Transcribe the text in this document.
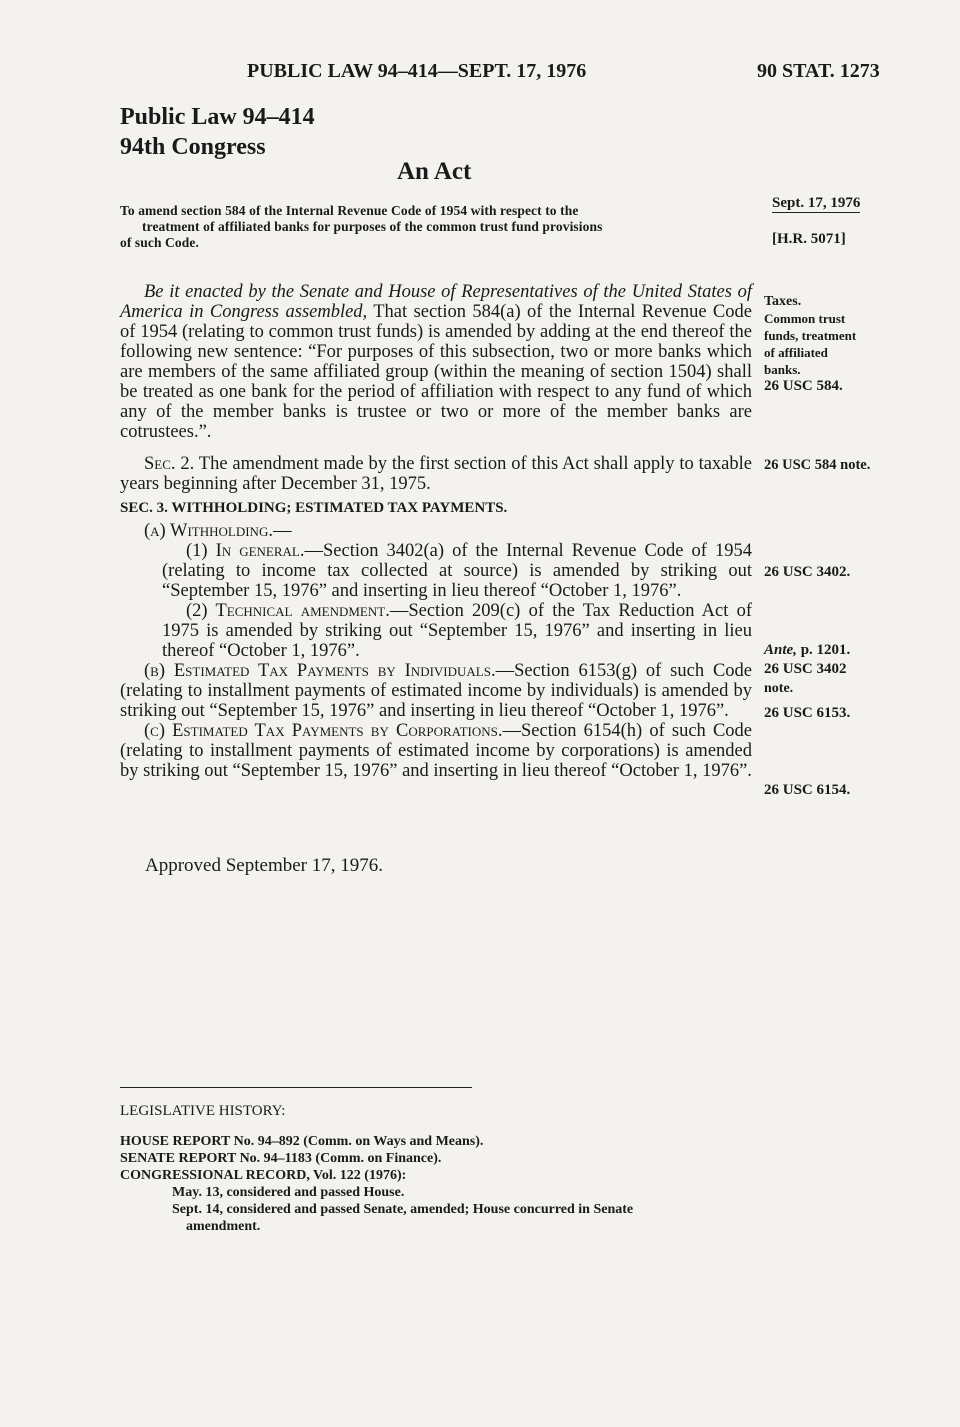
PUBLIC LAW 94–414—SEPT. 17, 1976	90 STAT. 1273
Public Law 94–414
94th Congress
An Act
To amend section 584 of the Internal Revenue Code of 1954 with respect to the
treatment of affiliated banks for purposes of the common trust fund provisions
of such Code.
Sept. 17, 1976
[H.R. 5071]

Be it enacted by the Senate and House of Representatives of the United States of America in Congress assembled, That section 584(a) of the Internal Revenue Code of 1954 (relating to common trust funds) is amended by adding at the end thereof the following new sentence: “For purposes of this subsection, two or more banks which are members of the same affiliated group (within the meaning of section 1504) shall be treated as one bank for the period of affiliation with respect to any fund of which any of the member banks is trustee or two or more of the member banks are cotrustees.”.

Sec. 2. The amendment made by the first section of this Act shall apply to taxable years beginning after December 31, 1975.

SEC. 3. WITHHOLDING; ESTIMATED TAX PAYMENTS.

(a) Withholding.—

(1) In general.—Section 3402(a) of the Internal Revenue Code of 1954 (relating to income tax collected at source) is amended by striking out “September 15, 1976” and inserting in lieu thereof “October 1, 1976”.

(2) Technical amendment.—Section 209(c) of the Tax Reduction Act of 1975 is amended by striking out “September 15, 1976” and inserting in lieu thereof “October 1, 1976”.

(b) Estimated Tax Payments by Individuals.—Section 6153(g) of such Code (relating to installment payments of estimated income by individuals) is amended by striking out “September 15, 1976” and inserting in lieu thereof “October 1, 1976”.

(c) Estimated Tax Payments by Corporations.—Section 6154(h) of such Code (relating to installment payments of estimated income by corporations) is amended by striking out “September 15, 1976” and inserting in lieu thereof “October 1, 1976”.

Taxes.
Common trust
funds, treatment
of affiliated
banks.
26 USC 584.
26 USC 584 note.
26 USC 3402.
Ante, p. 1201.
26 USC 3402
note.
26 USC 6153.
26 USC 6154.
Approved September 17, 1976.
LEGISLATIVE HISTORY:
HOUSE REPORT No. 94–892 (Comm. on Ways and Means).
SENATE REPORT No. 94–1183 (Comm. on Finance).
CONGRESSIONAL RECORD, Vol. 122 (1976):
May. 13, considered and passed House.
Sept. 14, considered and passed Senate, amended; House concurred in Senate
amendment.
